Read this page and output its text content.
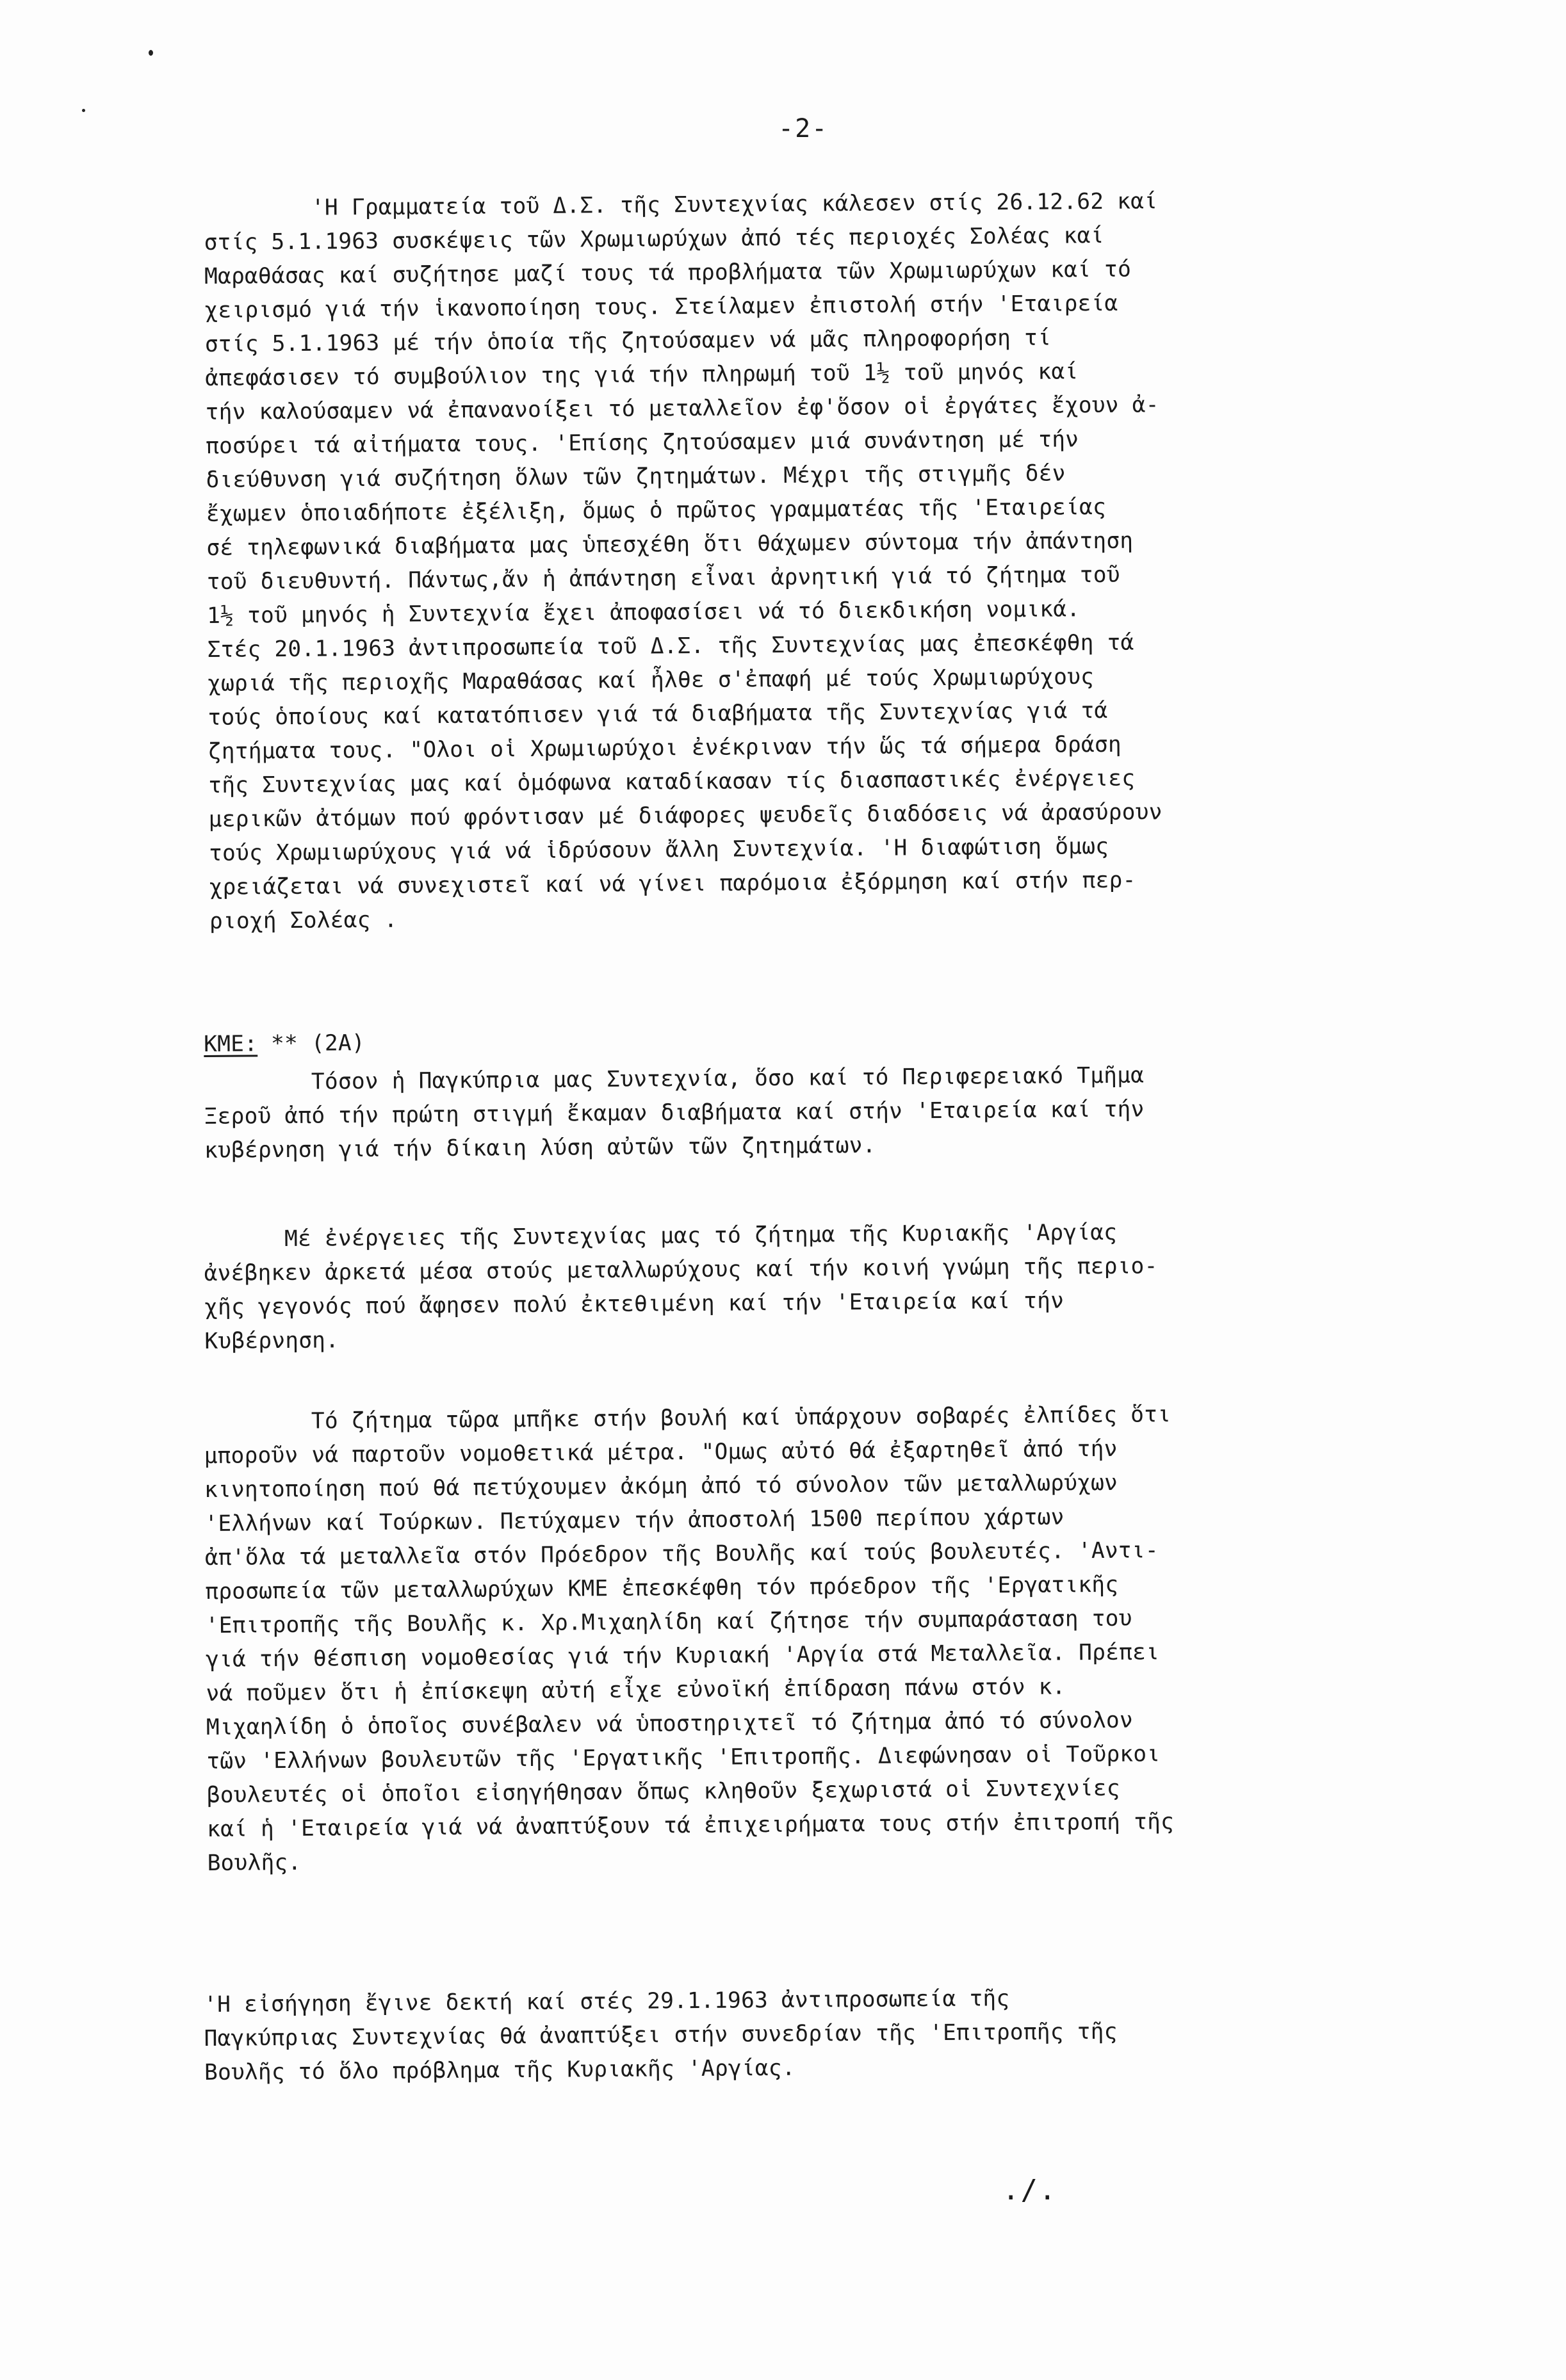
-2-
'Η Γραμματεία τοῦ Δ.Σ. τῆς Συντεχνίας κάλεσεν στίς 26.12.62 καί
στίς 5.1.1963 συσκέψεις τῶν Χρωμιωρύχων ἀπό τές περιοχές Σολέας καί
Μαραθάσας καί συζήτησε μαζί τους τά προβλήματα τῶν Χρωμιωρύχων καί τό
χειρισμό γιά τήν ἱκανοποίηση τους. Στείλαμεν ἐπιστολή στήν 'Εταιρεία
στίς 5.1.1963 μέ τήν ὁποία τῆς ζητούσαμεν νά μᾶς πληροφορήση τί
ἀπεφάσισεν τό συμβούλιον της γιά τήν πληρωμή τοῦ 1½ τοῦ μηνός καί
τήν καλούσαμεν νά ἐπανανοίξει τό μεταλλεῖον ἐφ'ὅσον οἱ ἐργάτες ἔχουν ἀ-
ποσύρει τά αἰτήματα τους. 'Επίσης ζητούσαμεν μιά συνάντηση μέ τήν
διεύθυνση γιά συζήτηση ὅλων τῶν ζητημάτων. Μέχρι τῆς στιγμῆς δέν
ἔχωμεν ὁποιαδήποτε ἐξέλιξη, ὅμως ὁ πρῶτος γραμματέας τῆς 'Εταιρείας
σέ τηλεφωνικά διαβήματα μας ὑπεσχέθη ὅτι θάχωμεν σύντομα τήν ἀπάντηση
τοῦ διευθυντή. Πάντως,ἄν ἡ ἀπάντηση εἶναι ἀρνητική γιά τό ζήτημα τοῦ
1½ τοῦ μηνός ἡ Συντεχνία ἔχει ἀποφασίσει νά τό διεκδικήση νομικά.
Στές 20.1.1963 ἀντιπροσωπεία τοῦ Δ.Σ. τῆς Συντεχνίας μας ἐπεσκέφθη τά
χωριά τῆς περιοχῆς Μαραθάσας καί ἦλθε σ'ἐπαφή μέ τούς Χρωμιωρύχους
τούς ὁποίους καί κατατόπισεν γιά τά διαβήματα τῆς Συντεχνίας γιά τά
ζητήματα τους. "Ολοι οἱ Χρωμιωρύχοι ἐνέκριναν τήν ὥς τά σήμερα δράση
τῆς Συντεχνίας μας καί ὁμόφωνα καταδίκασαν τίς διασπαστικές ἐνέργειες
μερικῶν ἀτόμων πού φρόντισαν μέ διάφορες ψευδεῖς διαδόσεις νά ἀρασύρουν
τούς Χρωμιωρύχους γιά νά ἱδρύσουν ἄλλη Συντεχνία. 'Η διαφώτιση ὅμως
χρειάζεται νά συνεχιστεῖ καί νά γίνει παρόμοια ἐξόρμηση καί στήν περ-
ριοχή Σολέας .
ΚΜΕ: ** (2Α)
Τόσον ἡ Παγκύπρια μας Συντεχνία, ὅσο καί τό Περιφερειακό Τμῆμα
Ξεροῦ ἀπό τήν πρώτη στιγμή ἔκαμαν διαβήματα καί στήν 'Εταιρεία καί τήν
κυβέρνηση γιά τήν δίκαιη λύση αὐτῶν τῶν ζητημάτων.
Μέ ἐνέργειες τῆς Συντεχνίας μας τό ζήτημα τῆς Κυριακῆς 'Αργίας
ἀνέβηκεν ἀρκετά μέσα στούς μεταλλωρύχους καί τήν κοινή γνώμη τῆς περιο-
χῆς γεγονός πού ἄφησεν πολύ ἐκτεθιμένη καί τήν 'Εταιρεία καί τήν
Κυβέρνηση.
Τό ζήτημα τῶρα μπῆκε στήν βουλή καί ὑπάρχουν σοβαρές ἐλπίδες ὅτι
μποροῦν νά παρτοῦν νομοθετικά μέτρα. "Ομως αὐτό θά ἐξαρτηθεῖ ἀπό τήν
κινητοποίηση πού θά πετύχουμεν ἀκόμη ἀπό τό σύνολον τῶν μεταλλωρύχων
'Ελλήνων καί Τούρκων. Πετύχαμεν τήν ἀποστολή 1500 περίπου χάρτων
ἀπ'ὅλα τά μεταλλεῖα στόν Πρόεδρον τῆς Βουλῆς καί τούς βουλευτές. 'Αντι-
προσωπεία τῶν μεταλλωρύχων ΚΜΕ ἐπεσκέφθη τόν πρόεδρον τῆς 'Εργατικῆς
'Επιτροπῆς τῆς Βουλῆς κ. Χρ.Μιχαηλίδη καί ζήτησε τήν συμπαράσταση του
γιά τήν θέσπιση νομοθεσίας γιά τήν Κυριακή 'Αργία στά Μεταλλεῖα. Πρέπει
νά ποῦμεν ὅτι ἡ ἐπίσκεψη αὐτή εἶχε εὐνοϊκή ἐπίδραση πάνω στόν κ.
Μιχαηλίδη ὁ ὁποῖος συνέβαλεν νά ὑποστηριχτεῖ τό ζήτημα ἀπό τό σύνολον
τῶν 'Ελλήνων βουλευτῶν τῆς 'Εργατικῆς 'Επιτροπῆς. Διεφώνησαν οἱ Τοῦρκοι
βουλευτές οἱ ὁποῖοι εἰσηγήθησαν ὅπως κληθοῦν ξεχωριστά οἱ Συντεχνίες
καί ἡ 'Εταιρεία γιά νά ἀναπτύξουν τά ἐπιχειρήματα τους στήν ἐπιτροπή τῆς
Βουλῆς.
'Η εἰσήγηση ἔγινε δεκτή καί στές 29.1.1963 ἀντιπροσωπεία τῆς
Παγκύπριας Συντεχνίας θά ἀναπτύξει στήν συνεδρίαν τῆς 'Επιτροπῆς τῆς
Βουλῆς τό ὅλο πρόβλημα τῆς Κυριακῆς 'Αργίας.
./.
